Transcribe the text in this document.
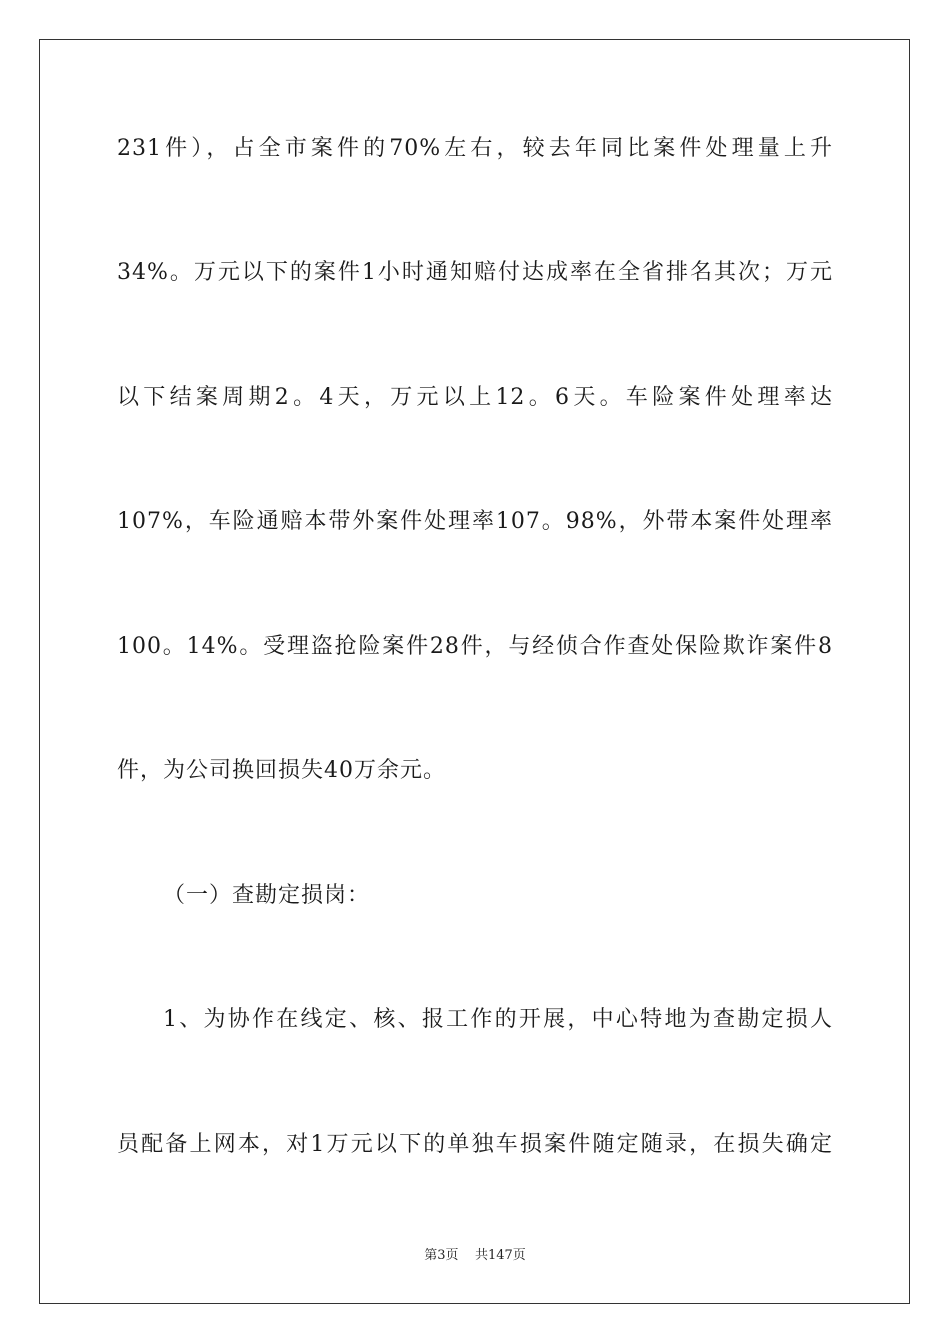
231件），占全市案件的70%左右，较去年同比案件处理量上升
34%。万元以下的案件1小时通知赔付达成率在全省排名其次；万元
以下结案周期2。4天，万元以上12。6天。车险案件处理率达
107%，车险通赔本带外案件处理率107。98%，外带本案件处理率
100。14%。受理盗抢险案件28件，与经侦合作查处保险欺诈案件8
件，为公司换回损失40万余元。
（一）查勘定损岗：
1、为协作在线定、核、报工作的开展，中心特地为查勘定损人
员配备上网本，对1万元以下的单独车损案件随定随录，在损失确定
第3页    共147页
